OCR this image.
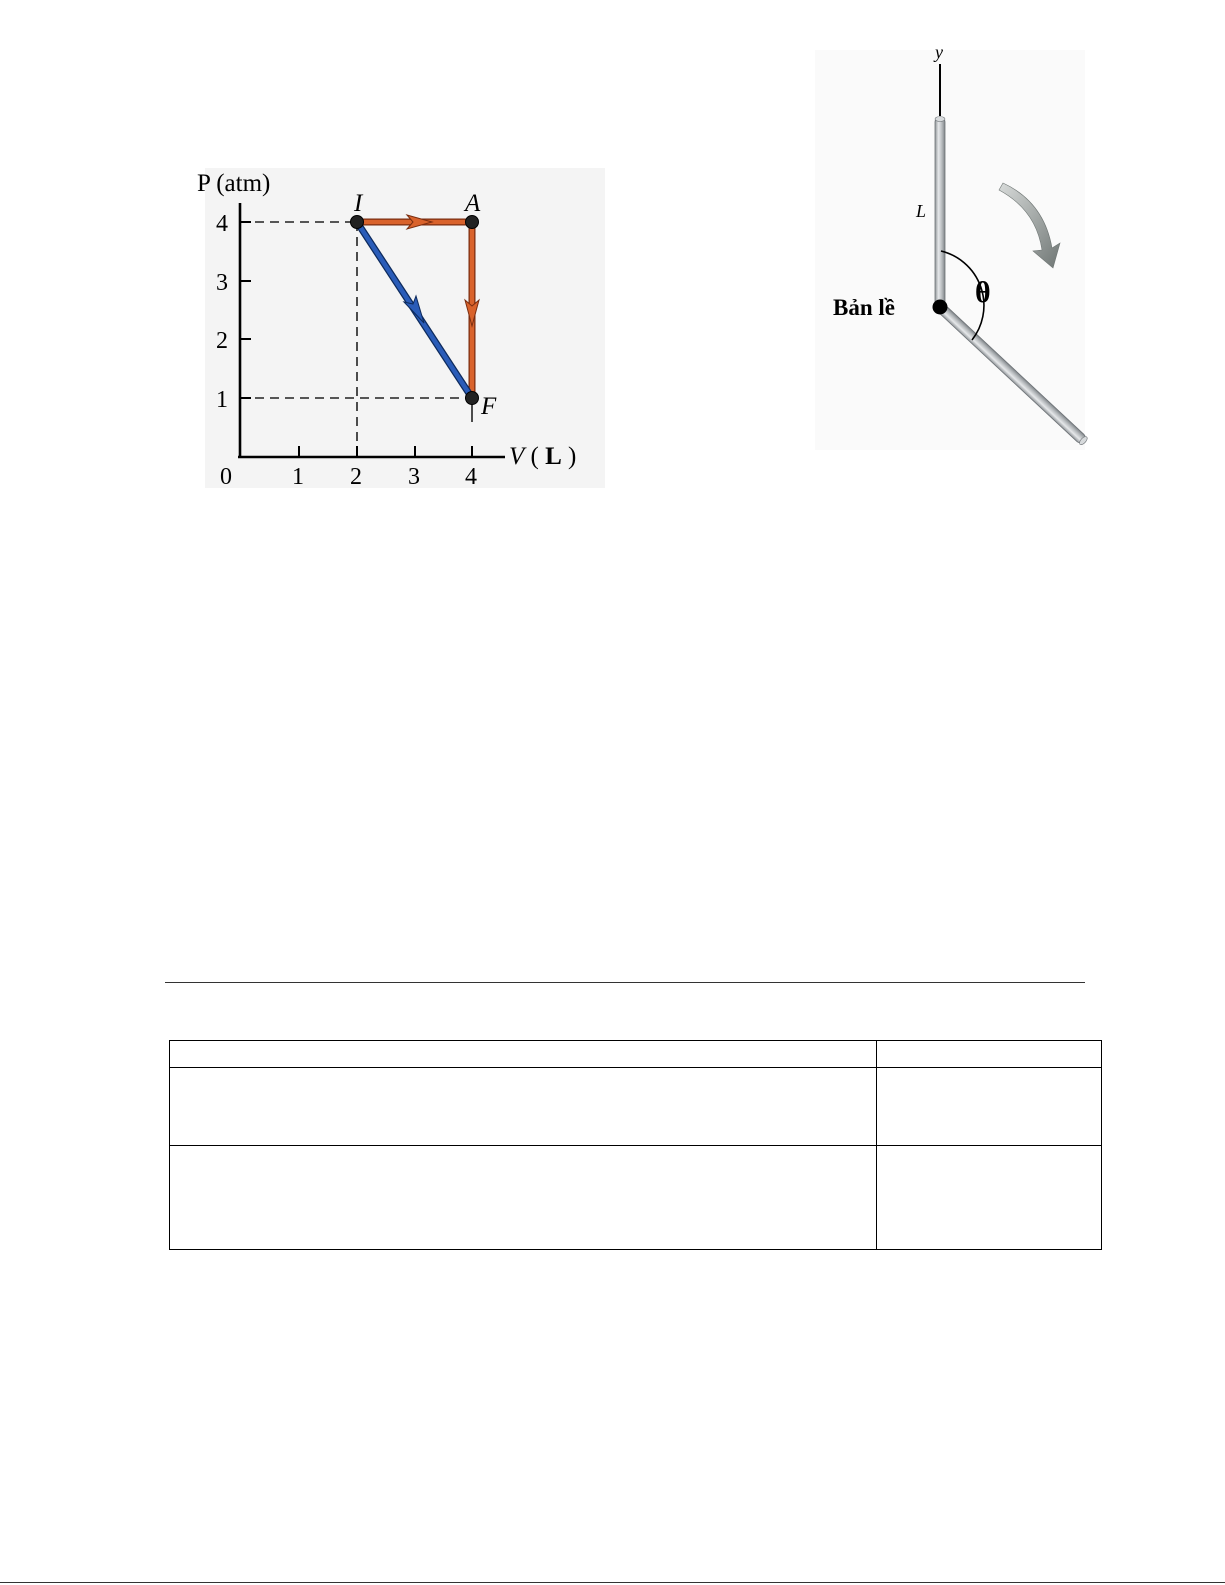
P (atm)
4
3
2
1
0	1 2 3 4
V ( L )
I	A
F
y
L
θ
Bản lề
